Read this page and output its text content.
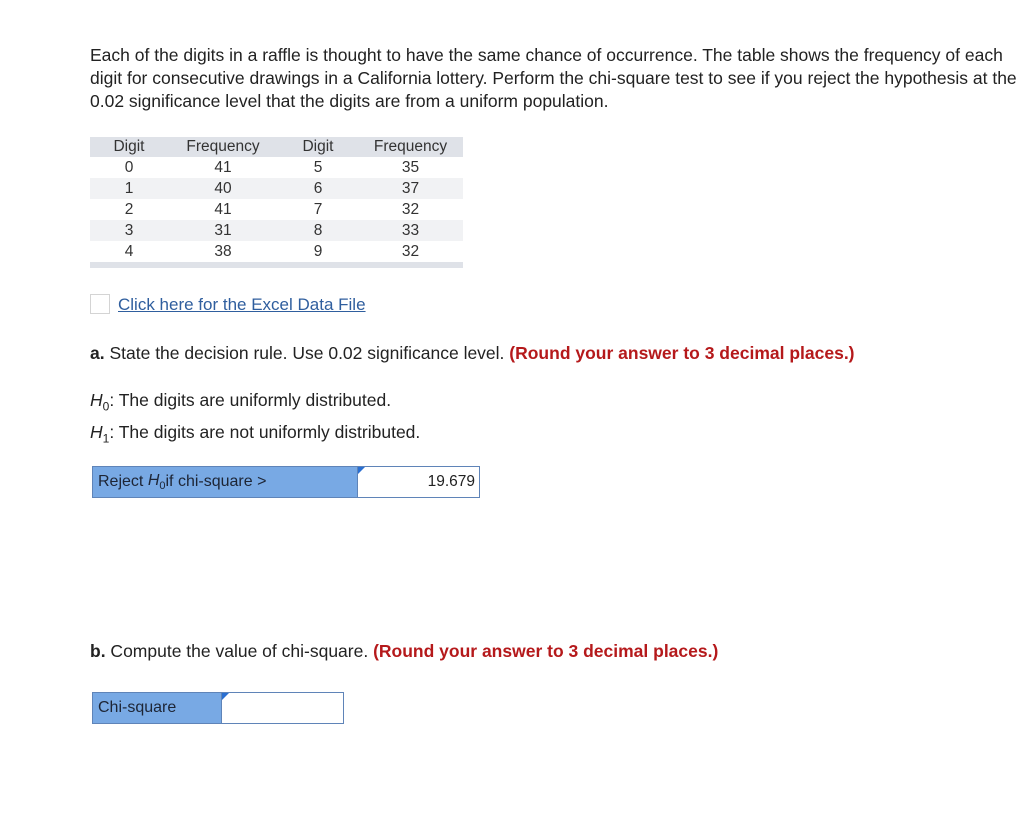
Each of the digits in a raffle is thought to have the same chance of occurrence. The table shows the frequency of each digit for consecutive drawings in a California lottery. Perform the chi-square test to see if you reject the hypothesis at the 0.02 significance level that the digits are from a uniform population.
Digit	Frequency	Digit	Frequency
0	41	5	35
1	40	6	37
2	41	7	32
3	31	8	33
4	38	9	32

Click here for the Excel Data File
a. State the decision rule. Use 0.02 significance level. (Round your answer to 3 decimal places.)
$H_0$: The digits are uniformly distributed.
$H_1$: The digits are not uniformly distributed.
Reject
$H_0$ if chi-square >	19.679
b. Compute the value of chi-square. (Round your answer to 3 decimal places.)
Chi-square
